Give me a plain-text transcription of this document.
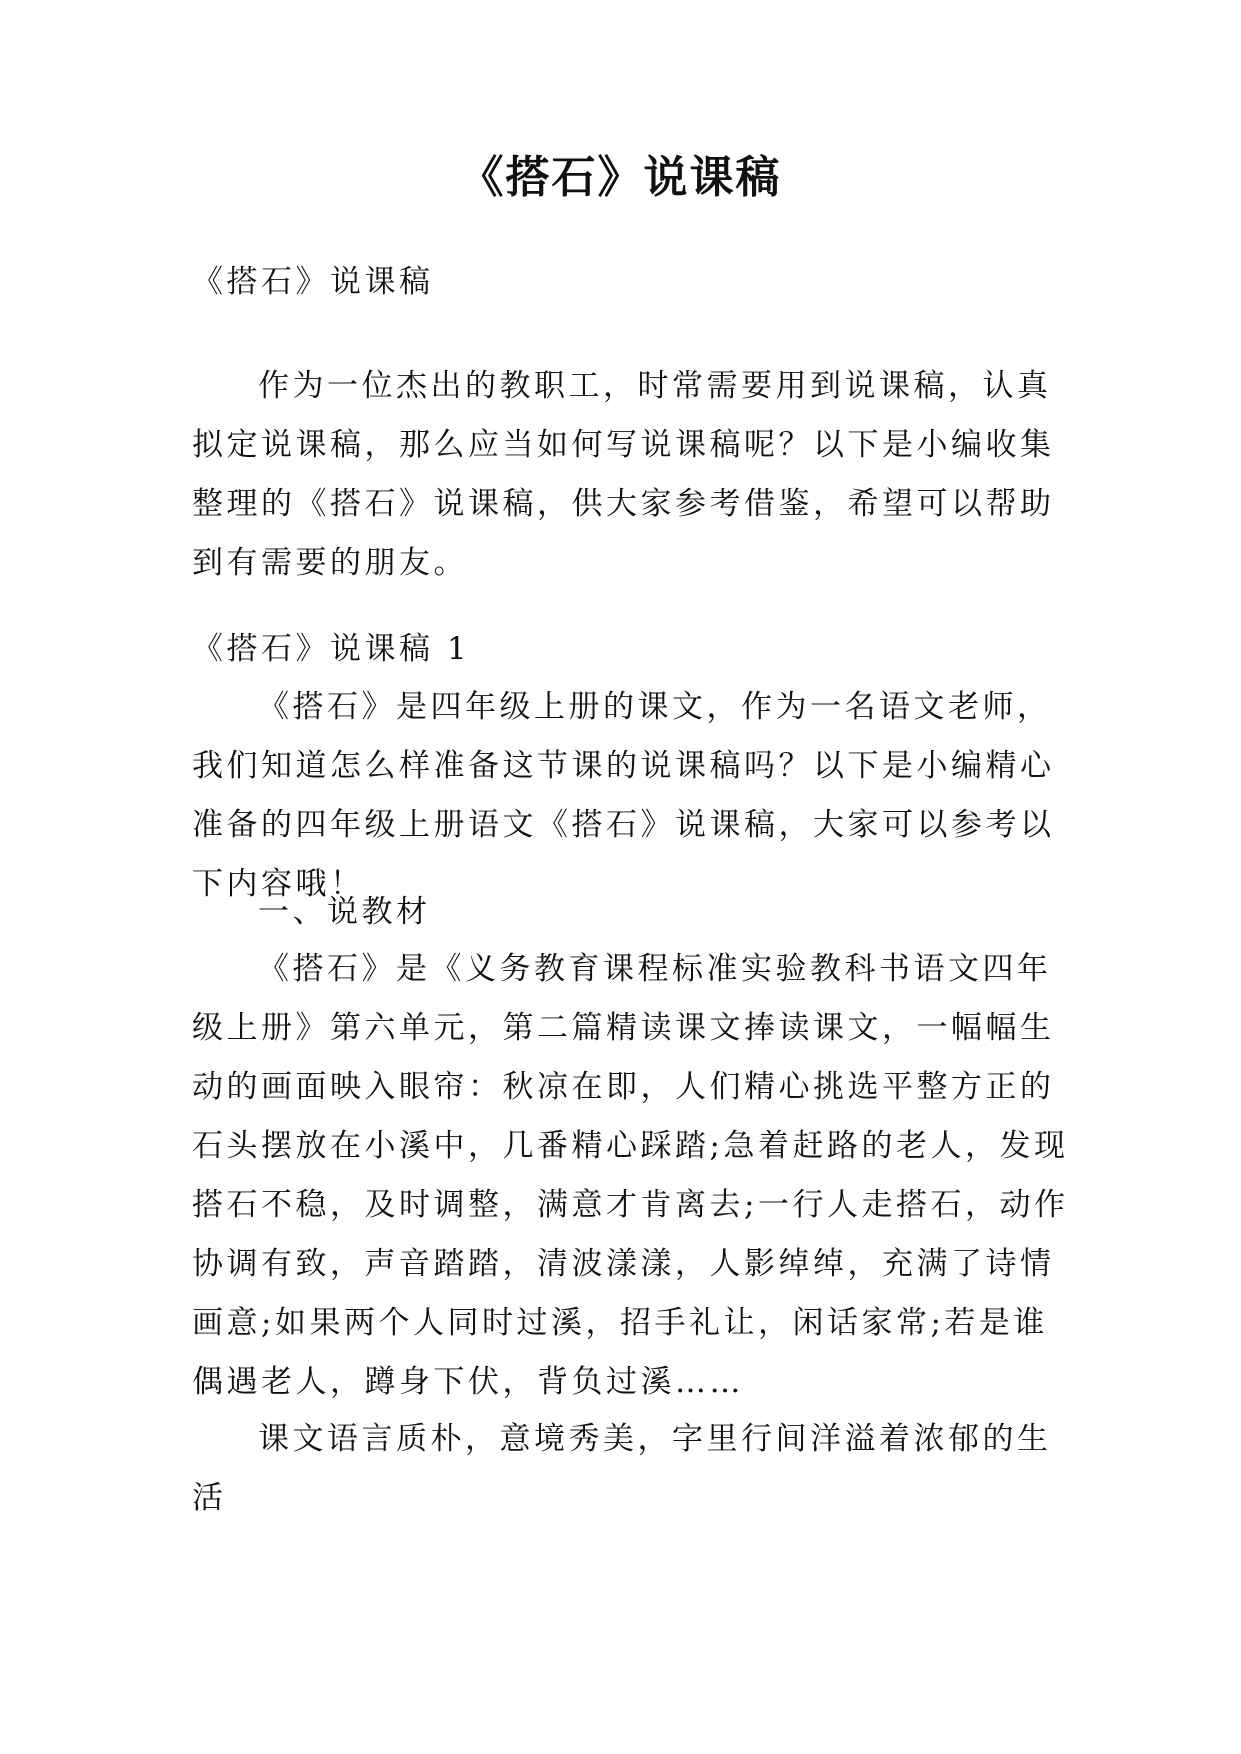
《搭石》说课稿

《搭石》说课稿

作为一位杰出的教职工，时常需要用到说课稿，认真拟定说课稿，那么应当如何写说课稿呢？以下是小编收集整理的《搭石》说课稿，供大家参考借鉴，希望可以帮助到有需要的朋友。

《搭石》说课稿 1

《搭石》是四年级上册的课文，作为一名语文老师，我们知道怎么样准备这节课的说课稿吗？以下是小编精心准备的四年级上册语文《搭石》说课稿，大家可以参考以下内容哦！

一、说教材

《搭石》是《义务教育课程标准实验教科书语文四年级上册》第六单元，第二篇精读课文捧读课文，一幅幅生动的画面映入眼帘：秋凉在即，人们精心挑选平整方正的石头摆放在小溪中，几番精心踩踏;急着赶路的老人，发现搭石不稳，及时调整，满意才肯离去;一行人走搭石，动作协调有致，声音踏踏，清波漾漾，人影绰绰，充满了诗情画意;如果两个人同时过溪，招手礼让，闲话家常;若是谁偶遇老人，蹲身下伏，背负过溪……

课文语言质朴，意境秀美，字里行间洋溢着浓郁的生活
